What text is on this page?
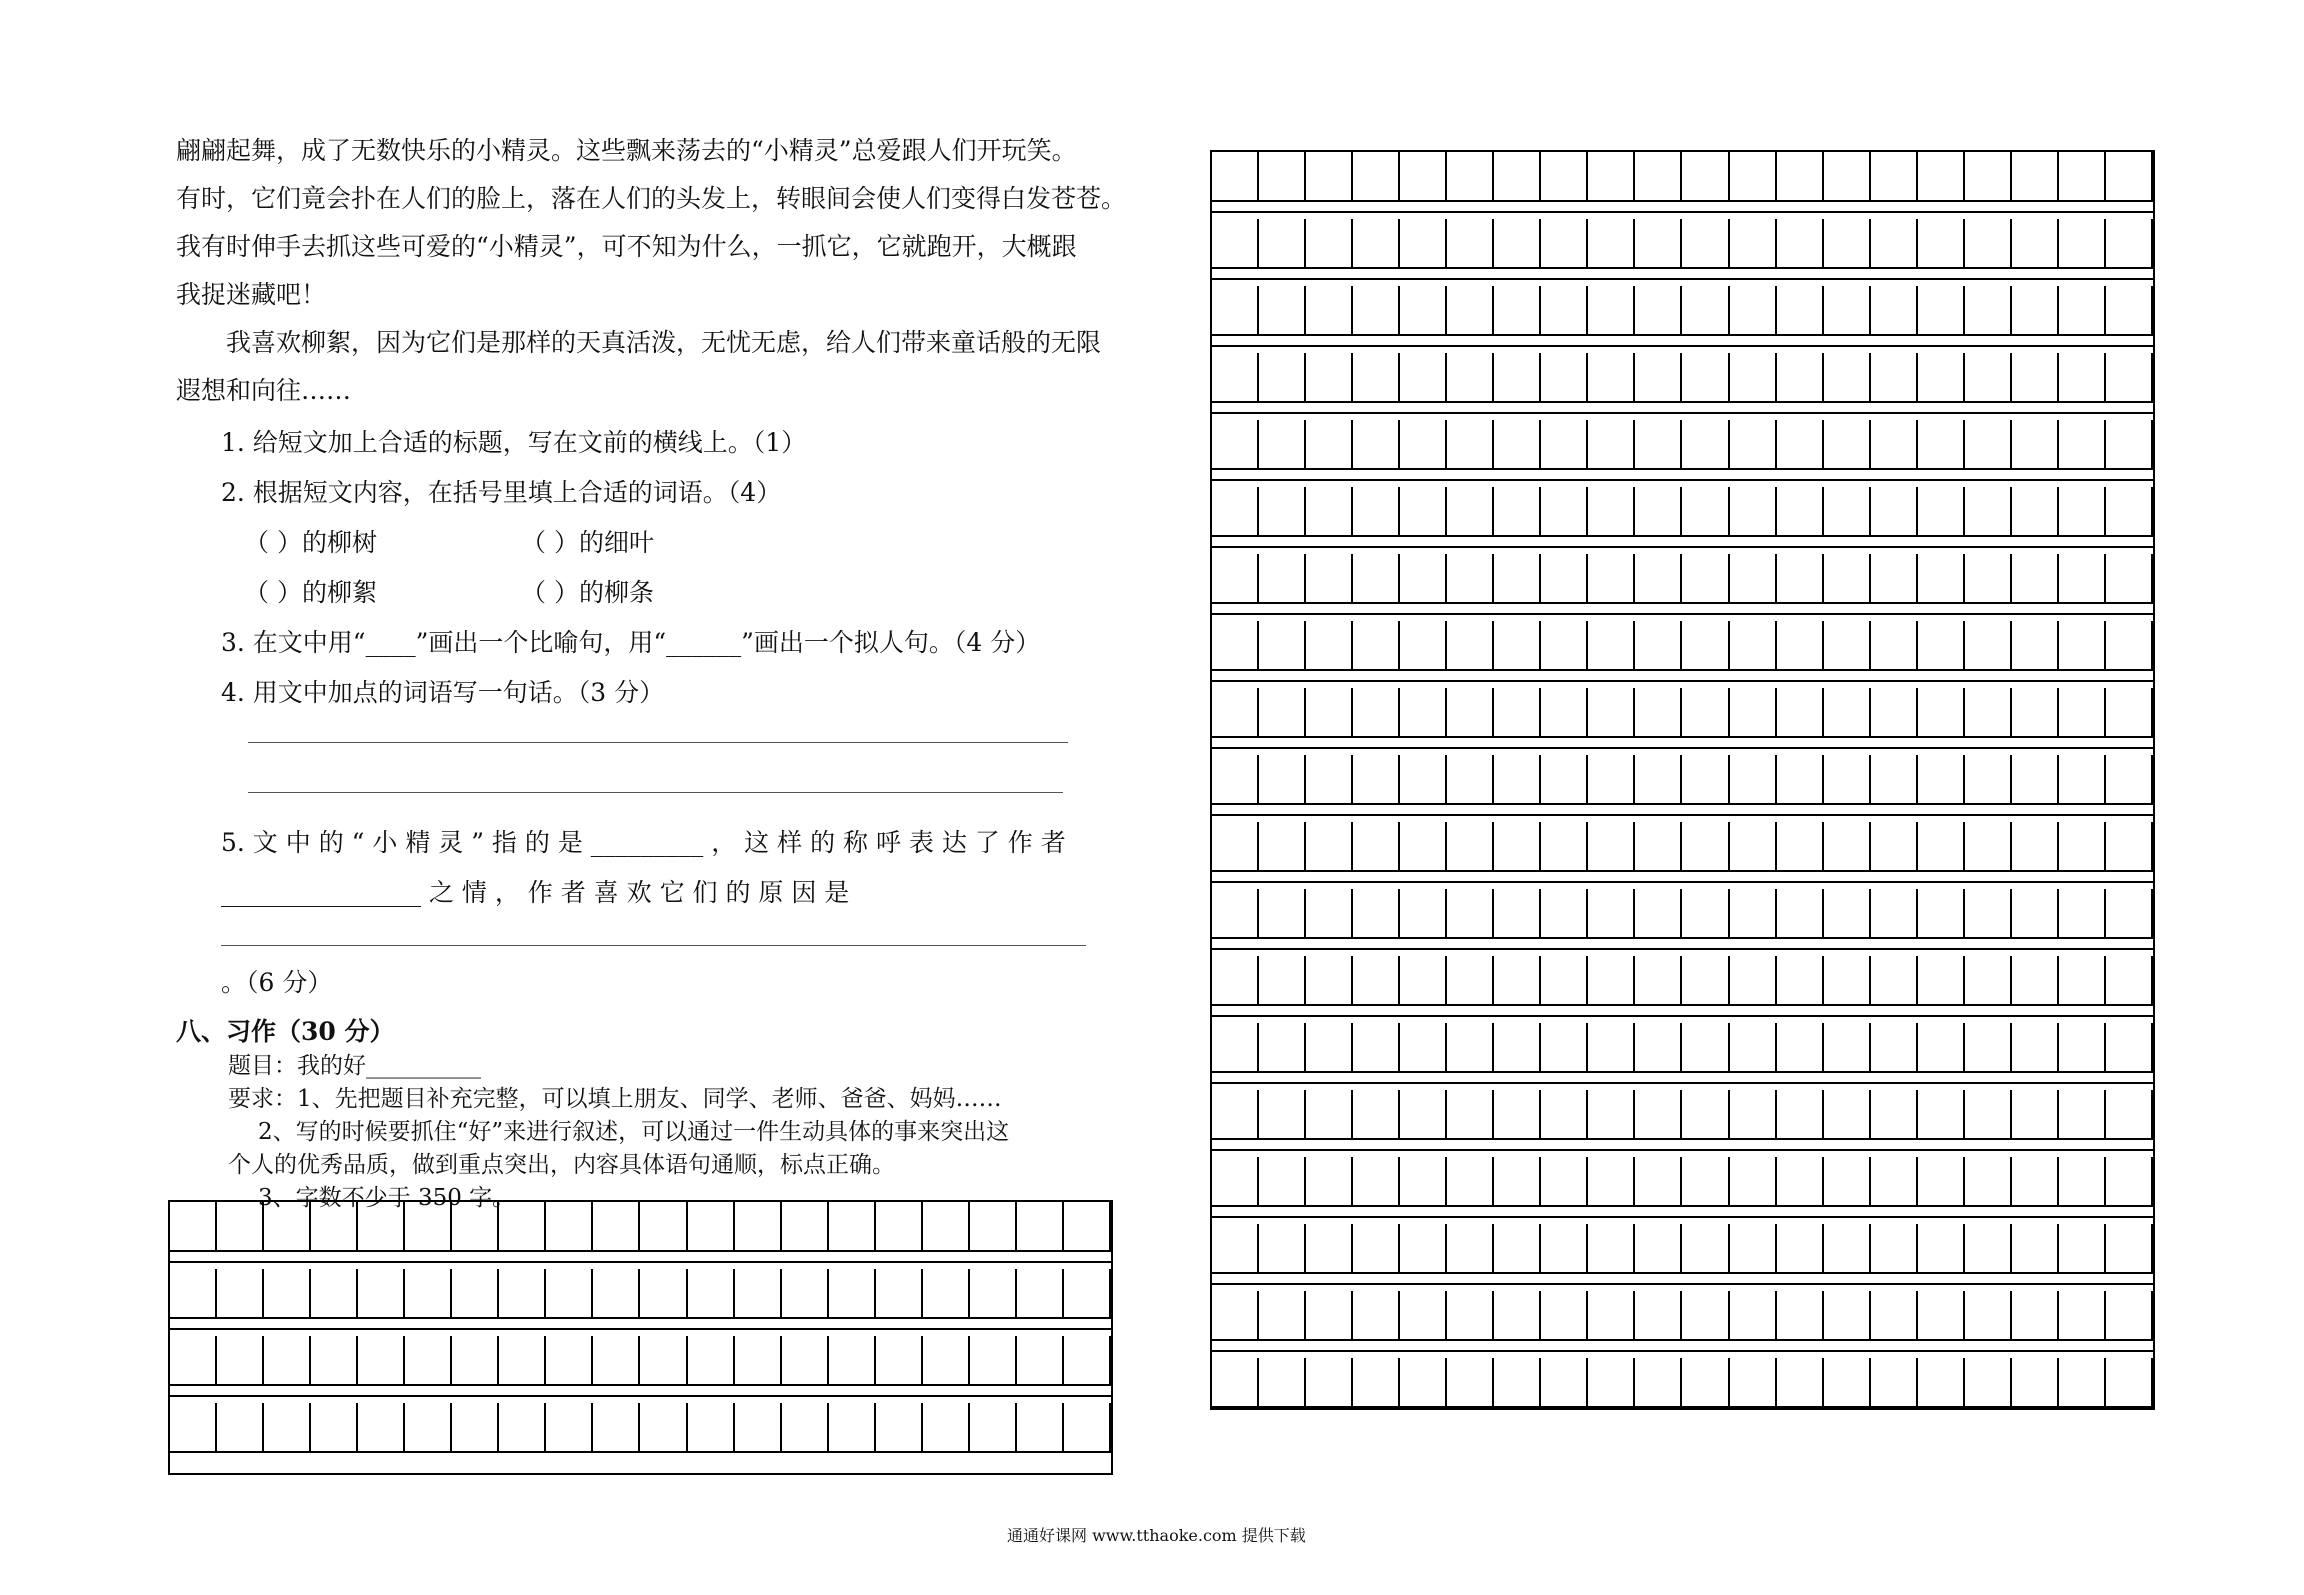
翩翩起舞，成了无数快乐的小精灵。这些飘来荡去的“小精灵”总爱跟人们开玩笑。
有时，它们竟会扑在人们的脸上，落在人们的头发上，转眼间会使人们变得白发苍苍。
我有时伸手去抓这些可爱的“小精灵”，可不知为什么，一抓它，它就跑开，大概跟
我捉迷藏吧！
我喜欢柳絮，因为它们是那样的天真活泼，无忧无虑，给人们带来童话般的无限
遐想和向往……
1. 给短文加上合适的标题，写在文前的横线上。（1）
2. 根据短文内容，在括号里填上合适的词语。（4）
（ ）的柳树	（ ）的细叶
（ ）的柳絮	（ ）的柳条
3. 在文中用“____”画出一个比喻句，用“______”画出一个拟人句。（4 分）
4. 用文中加点的词语写一句话。（3 分）
5. 文 中 的 “ 小 精 灵 ” 指 的 是 _________ ， 这 样 的 称 呼 表 达 了 作 者
________________ 之 情 ， 作 者 喜 欢 它 们 的 原 因 是
。（6 分）
八、习作（30 分）
题目：我的好__________
要求：1、先把题目补充完整，可以填上朋友、同学、老师、爸爸、妈妈……
2、写的时候要抓住“好”来进行叙述，可以通过一件生动具体的事来突出这
个人的优秀品质，做到重点突出，内容具体语句通顺，标点正确。
3、字数不少于 350 字。
通通好课网 www.tthaoke.com 提供下载
